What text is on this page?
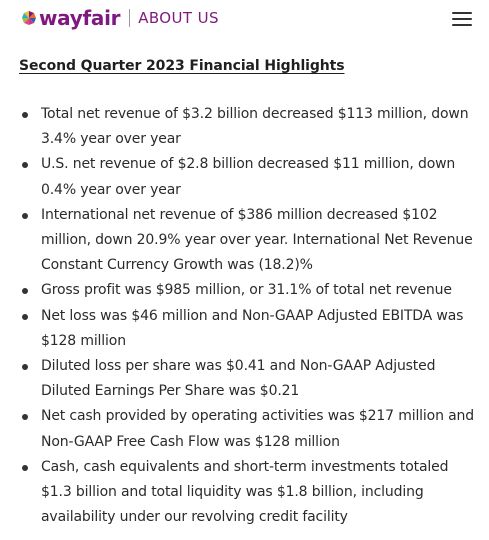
wayfair ABOUT US
Second Quarter 2023 Financial Highlights
Total net revenue of $3.2 billion decreased $113 million, down 3.4% year over year
U.S. net revenue of $2.8 billion decreased $11 million, down 0.4% year over year
International net revenue of $386 million decreased $102 million, down 20.9% year over year. International Net Revenue Constant Currency Growth was (18.2)%
Gross profit was $985 million, or 31.1% of total net revenue
Net loss was $46 million and Non-GAAP Adjusted EBITDA was $128 million
Diluted loss per share was $0.41 and Non-GAAP Adjusted Diluted Earnings Per Share was $0.21
Net cash provided by operating activities was $217 million and Non-GAAP Free Cash Flow was $128 million
Cash, cash equivalents and short-term investments totaled $1.3 billion and total liquidity was $1.8 billion, including availability under our revolving credit facility
